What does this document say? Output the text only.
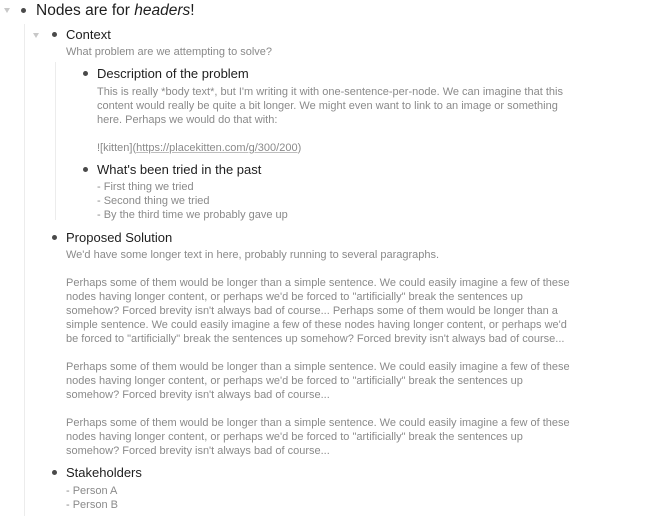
Nodes are for headers!
Context
What problem are we attempting to solve?
Description of the problem
This is really *body text*, but I'm writing it with one-sentence-per-node. We can imagine that this
content would really be quite a bit longer. We might even want to link to an image or something
here. Perhaps we would do that with:
![kitten](https://placekitten.com/g/300/200)
What's been tried in the past
- First thing we tried
- Second thing we tried
- By the third time we probably gave up
Proposed Solution
We'd have some longer text in here, probably running to several paragraphs.
Perhaps some of them would be longer than a simple sentence. We could easily imagine a few of these
nodes having longer content, or perhaps we'd be forced to "artificially" break the sentences up
somehow? Forced brevity isn't always bad of course... Perhaps some of them would be longer than a
simple sentence. We could easily imagine a few of these nodes having longer content, or perhaps we'd
be forced to "artificially" break the sentences up somehow? Forced brevity isn't always bad of course...
Perhaps some of them would be longer than a simple sentence. We could easily imagine a few of these
nodes having longer content, or perhaps we'd be forced to "artificially" break the sentences up
somehow? Forced brevity isn't always bad of course...
Perhaps some of them would be longer than a simple sentence. We could easily imagine a few of these
nodes having longer content, or perhaps we'd be forced to "artificially" break the sentences up
somehow? Forced brevity isn't always bad of course...
Stakeholders
- Person A
- Person B
